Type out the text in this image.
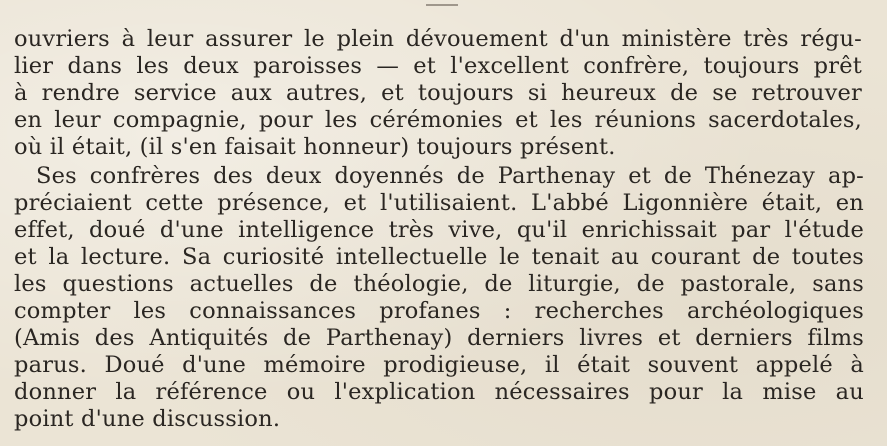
ouvriers à leur assurer le plein dévouement d'un ministère très régu-
lier dans les deux paroisses — et l'excellent confrère, toujours prêt
à rendre service aux autres, et toujours si heureux de se retrouver
en leur compagnie, pour les cérémonies et les réunions sacerdotales,
où il était, (il s'en faisait honneur) toujours présent.
Ses confrères des deux doyennés de Parthenay et de Thénezay ap-
préciaient cette présence, et l'utilisaient. L'abbé Ligonnière était, en
effet, doué d'une intelligence très vive, qu'il enrichissait par l'étude
et la lecture. Sa curiosité intellectuelle le tenait au courant de toutes
les questions actuelles de théologie, de liturgie, de pastorale, sans
compter les connaissances profanes : recherches archéologiques
(Amis des Antiquités de Parthenay) derniers livres et derniers films
parus. Doué d'une mémoire prodigieuse, il était souvent appelé à
donner la référence ou l'explication nécessaires pour la mise au
point d'une discussion.
